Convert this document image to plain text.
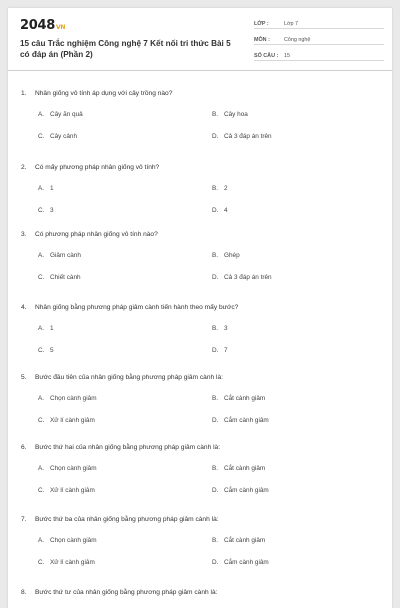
2048VN
15 câu Trắc nghiệm Công nghệ 7 Kết nối tri thức Bài 5 có đáp án (Phần 2)
LỚP :	Lớp 7
MÔN :	Công nghệ
SỐ CÂU :	15
1. Nhân giống vô tính áp dụng với cây trồng nào?
A. Cây ăn quả	B. Cây hoa
C. Cây cảnh	D. Cả 3 đáp án trên
2. Có mấy phương pháp nhân giống vô tính?
A. 1	B. 2
C. 3	D. 4
3. Có phương pháp nhân giống vô tính nào?
A. Giâm cành	B. Ghép
C. Chiết cành	D. Cả 3 đáp án trên
4. Nhân giống bằng phương pháp giâm cành tiến hành theo mấy bước?
A. 1	B. 3
C. 5	D. 7
5. Bước đầu tiên của nhân giống bằng phương pháp giâm cành là:
A. Chọn cành giâm	B. Cắt cành giâm
C. Xử lí cành giâm	D. Cắm cành giâm
6. Bước thứ hai của nhân giống bằng phương pháp giâm cành là:
A. Chọn cành giâm	B. Cắt cành giâm
C. Xử lí cành giâm	D. Cắm cành giâm
7. Bước thứ ba của nhân giống bằng phương pháp giâm cành là:
A. Chọn cành giâm	B. Cắt cành giâm
C. Xử lí cành giâm	D. Cắm cành giâm
8. Bước thứ tư của nhân giống bằng phương pháp giâm cành là:
